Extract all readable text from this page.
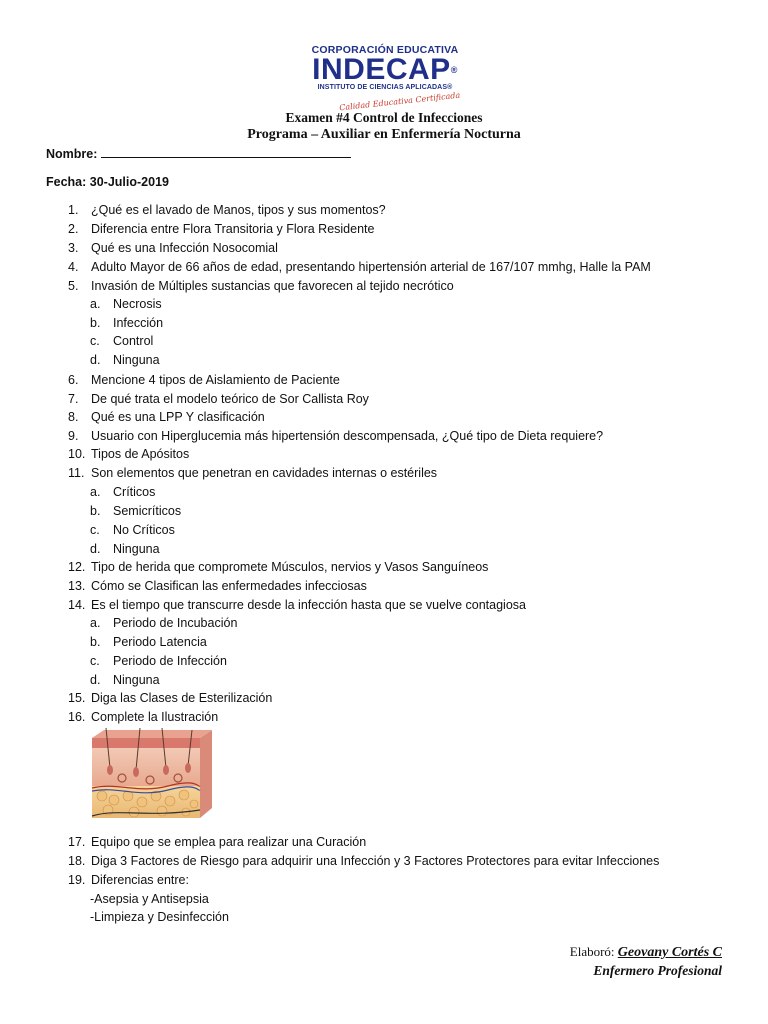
CORPORACIÓN EDUCATIVA
INDECAP®
INSTITUTO DE CIENCIAS APLICADAS®
Calidad Educativa Certificada
Examen #4 Control de Infecciones
Programa – Auxiliar en Enfermería Nocturna
Nombre:
Fecha: 30-Julio-2019
1. ¿Qué es el lavado de Manos, tipos y sus momentos?
2. Diferencia entre Flora Transitoria y Flora Residente
3. Qué es una Infección Nosocomial
4. Adulto Mayor de 66 años de edad, presentando hipertensión arterial de 167/107 mmhg, Halle la PAM
5. Invasión de Múltiples sustancias que favorecen al tejido necrótico
a. Necrosis
b. Infección
c. Control
d. Ninguna
6. Mencione 4 tipos de Aislamiento de Paciente
7. De qué trata el modelo teórico de Sor Callista Roy
8. Qué es una LPP Y clasificación
9. Usuario con Hiperglucemia más hipertensión descompensada, ¿Qué tipo de Dieta requiere?
10. Tipos de Apósitos
11. Son elementos que penetran en cavidades internas o estériles
a. Críticos
b. Semicríticos
c. No Críticos
d. Ninguna
12. Tipo de herida que compromete Músculos, nervios y Vasos Sanguíneos
13. Cómo se Clasifican las enfermedades infecciosas
14. Es el tiempo que transcurre desde la infección hasta que se vuelve contagiosa
a. Periodo de Incubación
b. Periodo Latencia
c. Periodo de Infección
d. Ninguna
15. Diga las Clases de Esterilización
16. Complete la Ilustración
17. Equipo que se emplea para realizar una Curación
18. Diga 3 Factores de Riesgo para adquirir una Infección y 3 Factores Protectores para evitar Infecciones
19. Diferencias entre:
-Asepsia y Antisepsia
-Limpieza y Desinfección
Elaboró: Geovany Cortés C
Enfermero Profesional
